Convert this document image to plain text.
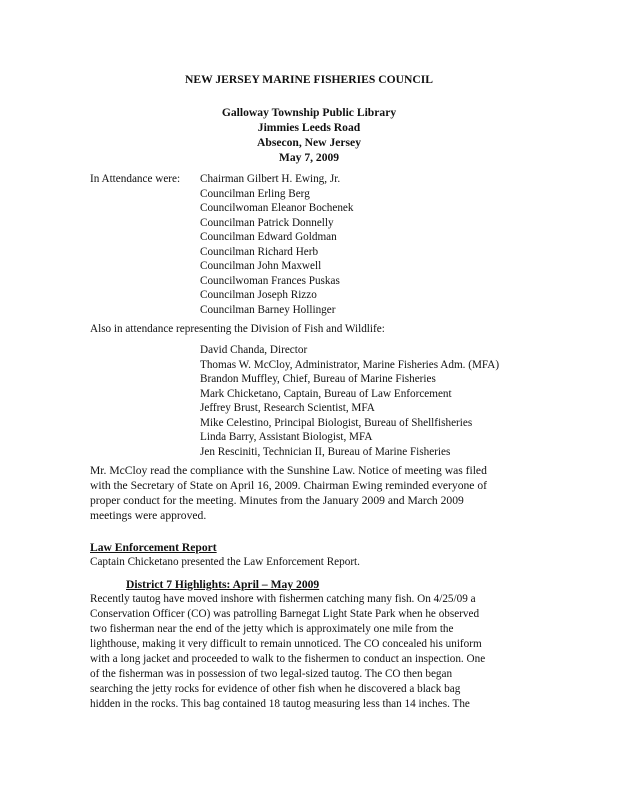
NEW JERSEY MARINE FISHERIES COUNCIL
Galloway Township Public Library
Jimmies Leeds Road
Absecon, New Jersey
May 7, 2009
In Attendance were: Chairman Gilbert H. Ewing, Jr.
Councilman Erling Berg
Councilwoman Eleanor Bochenek
Councilman Patrick Donnelly
Councilman Edward Goldman
Councilman Richard Herb
Councilman John Maxwell
Councilwoman Frances Puskas
Councilman Joseph Rizzo
Councilman Barney Hollinger
Also in attendance representing the Division of Fish and Wildlife:
David Chanda, Director
Thomas W. McCloy, Administrator, Marine Fisheries Adm. (MFA)
Brandon Muffley, Chief, Bureau of Marine Fisheries
Mark Chicketano, Captain, Bureau of Law Enforcement
Jeffrey Brust, Research Scientist, MFA
Mike Celestino, Principal Biologist, Bureau of Shellfisheries
Linda Barry, Assistant Biologist, MFA
Jen Resciniti, Technician II, Bureau of Marine Fisheries
Mr. McCloy read the compliance with the Sunshine Law. Notice of meeting was filed
with the Secretary of State on April 16, 2009. Chairman Ewing reminded everyone of
proper conduct for the meeting. Minutes from the January 2009 and March 2009
meetings were approved.
Law Enforcement Report
Captain Chicketano presented the Law Enforcement Report.
District 7 Highlights: April – May 2009
Recently tautog have moved inshore with fishermen catching many fish. On 4/25/09 a
Conservation Officer (CO) was patrolling Barnegat Light State Park when he observed
two fisherman near the end of the jetty which is approximately one mile from the
lighthouse, making it very difficult to remain unnoticed. The CO concealed his uniform
with a long jacket and proceeded to walk to the fishermen to conduct an inspection. One
of the fisherman was in possession of two legal-sized tautog. The CO then began
searching the jetty rocks for evidence of other fish when he discovered a black bag
hidden in the rocks. This bag contained 18 tautog measuring less than 14 inches. The
